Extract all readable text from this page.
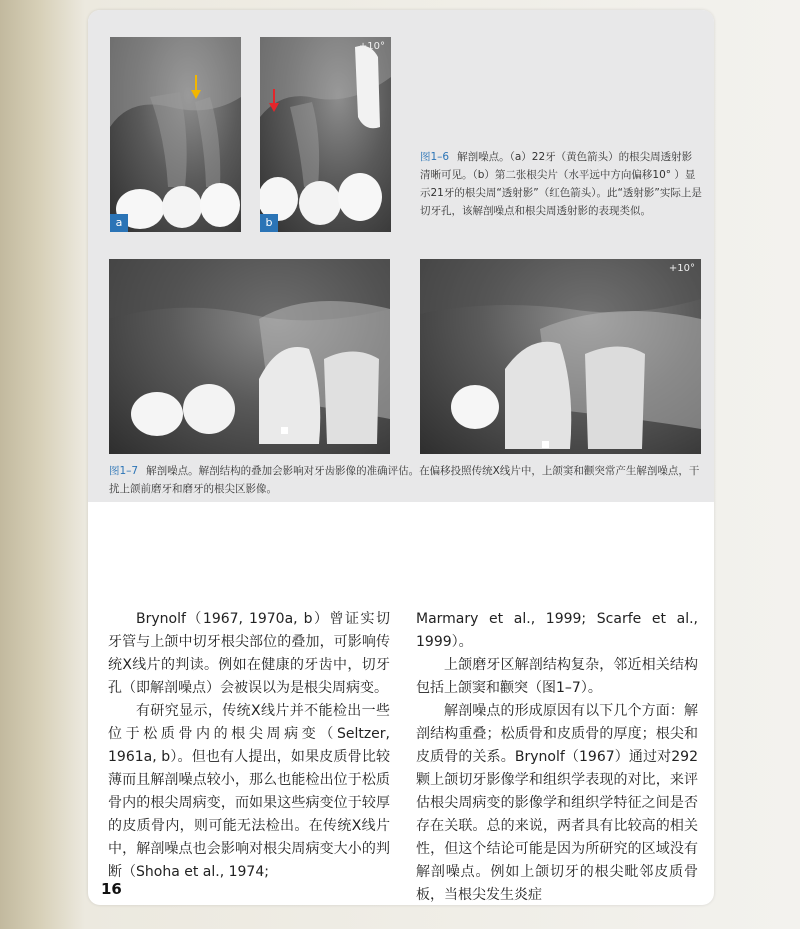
a
+10°
b
图1–6 解剖噪点。（a）22牙（黄色箭头）的根尖周透射影清晰可见。（b）第二张根尖片（水平远中方向偏移10° ）显示21牙的根尖周“透射影”（红色箭头）。此“透射影”实际上是切牙孔，该解剖噪点和根尖周透射影的表现类似。
+10°
图1–7 解剖噪点。解剖结构的叠加会影响对牙齿影像的准确评估。在偏移投照传统X线片中，上颌窦和颧突常产生解剖噪点，干扰上颌前磨牙和磨牙的根尖区影像。

Brynolf（1967, 1970a, b）曾证实切牙管与上颌中切牙根尖部位的叠加，可影响传统X线片的判读。例如在健康的牙齿中，切牙孔（即解剖噪点）会被误以为是根尖周病变。

有研究显示，传统X线片并不能检出一些位于松质骨内的根尖周病变（Seltzer, 1961a, b）。但也有人提出，如果皮质骨比较薄而且解剖噪点较小，那么也能检出位于松质骨内的根尖周病变，而如果这些病变位于较厚的皮质骨内，则可能无法检出。在传统X线片中，解剖噪点也会影响对根尖周病变大小的判断（Shoha et al., 1974;

Marmary et al., 1999; Scarfe et al., 1999）。

上颌磨牙区解剖结构复杂，邻近相关结构包括上颌窦和颧突（图1–7）。

解剖噪点的形成原因有以下几个方面：解剖结构重叠；松质骨和皮质骨的厚度；根尖和皮质骨的关系。Brynolf（1967）通过对292颗上颌切牙影像学和组织学表现的对比，来评估根尖周病变的影像学和组织学特征之间是否存在关联。总的来说，两者具有比较高的相关性，但这个结论可能是因为所研究的区域没有解剖噪点。例如上颌切牙的根尖毗邻皮质骨板，当根尖发生炎症

16
